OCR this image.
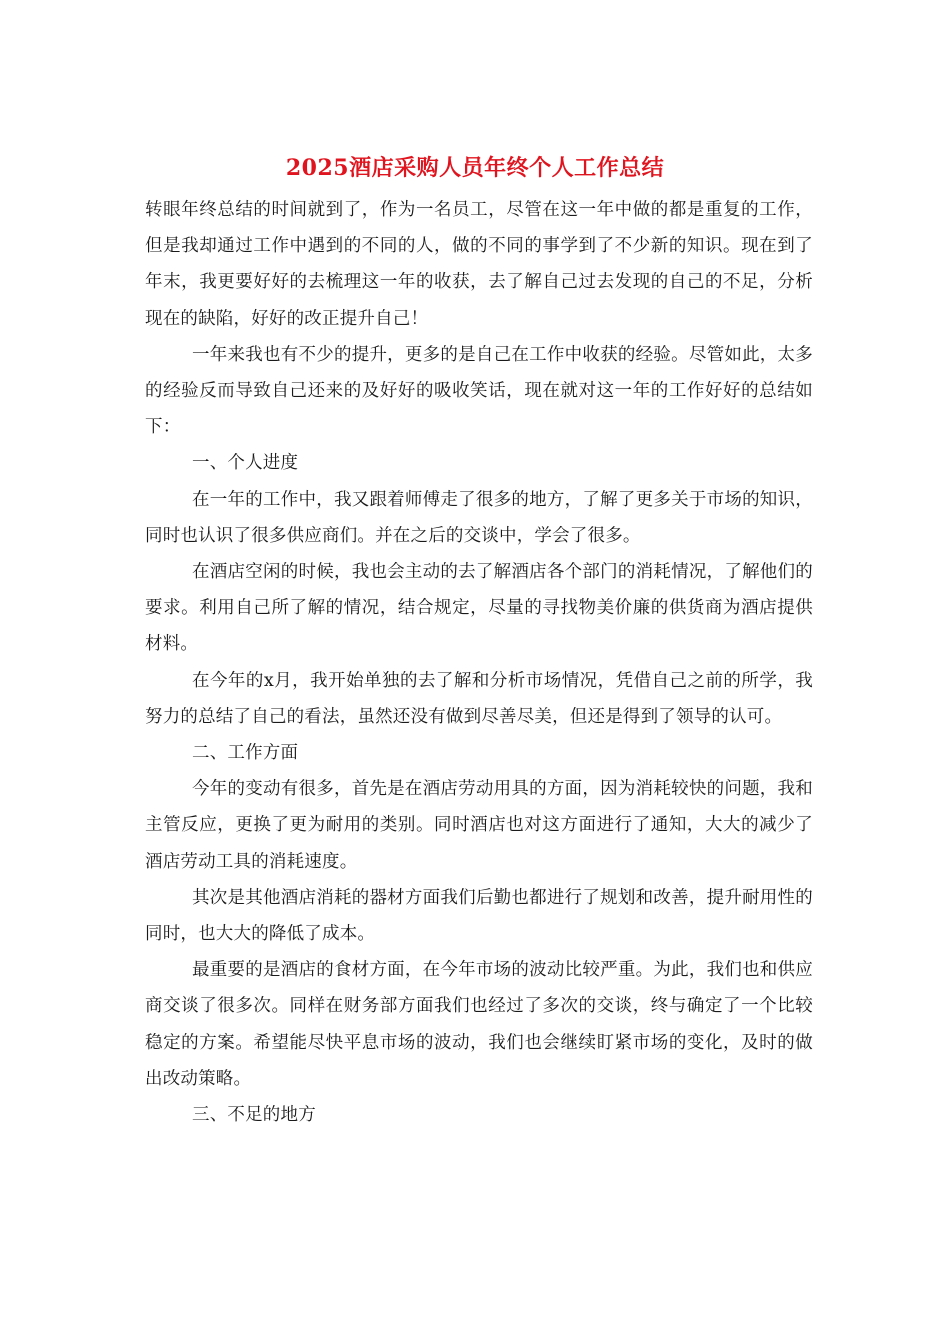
2025酒店采购人员年终个人工作总结

转眼年终总结的时间就到了，作为一名员工，尽管在这一年中做的都是重复的工作，但是我却通过工作中遇到的不同的人，做的不同的事学到了不少新的知识。现在到了年末，我更要好好的去梳理这一年的收获，去了解自己过去发现的自己的不足，分析现在的缺陷，好好的改正提升自己！

一年来我也有不少的提升，更多的是自己在工作中收获的经验。尽管如此，太多的经验反而导致自己还来的及好好的吸收笑话，现在就对这一年的工作好好的总结如下：

一、个人进度

在一年的工作中，我又跟着师傅走了很多的地方，了解了更多关于市场的知识，同时也认识了很多供应商们。并在之后的交谈中，学会了很多。

在酒店空闲的时候，我也会主动的去了解酒店各个部门的消耗情况，了解他们的要求。利用自己所了解的情况，结合规定，尽量的寻找物美价廉的供货商为酒店提供材料。

在今年的x月，我开始单独的去了解和分析市场情况，凭借自己之前的所学，我努力的总结了自己的看法，虽然还没有做到尽善尽美，但还是得到了领导的认可。

二、工作方面

今年的变动有很多，首先是在酒店劳动用具的方面，因为消耗较快的问题，我和主管反应，更换了更为耐用的类别。同时酒店也对这方面进行了通知，大大的减少了酒店劳动工具的消耗速度。

其次是其他酒店消耗的器材方面我们后勤也都进行了规划和改善，提升耐用性的同时，也大大的降低了成本。

最重要的是酒店的食材方面，在今年市场的波动比较严重。为此，我们也和供应商交谈了很多次。同样在财务部方面我们也经过了多次的交谈，终与确定了一个比较稳定的方案。希望能尽快平息市场的波动，我们也会继续盯紧市场的变化，及时的做出改动策略。

三、不足的地方
